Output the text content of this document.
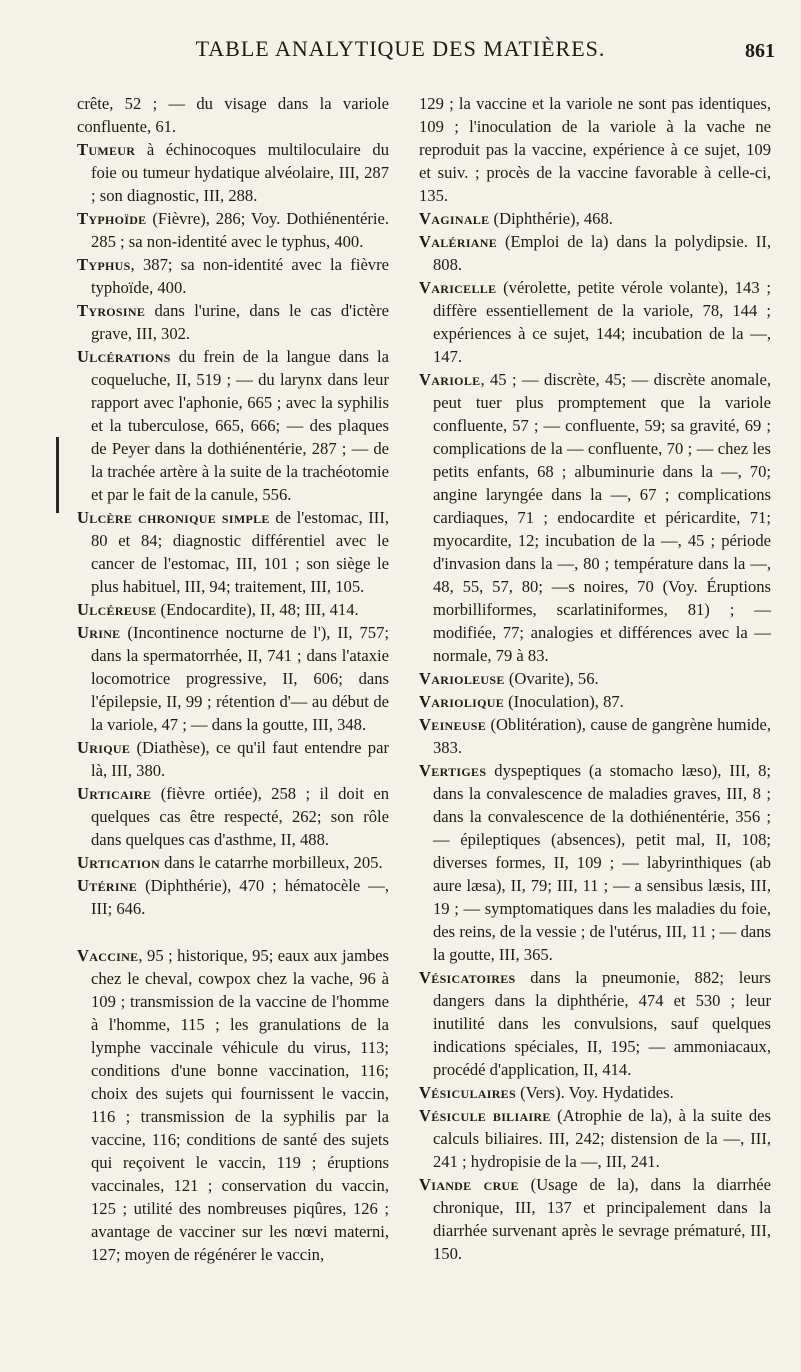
TABLE ANALYTIQUE DES MATIÈRES.	861

crête, 52 ; — du visage dans la variole confluente, 61.

Tumeur à échinocoques multiloculaire du foie ou tumeur hydatique alvéolaire, III, 287 ; son diagnostic, III, 288.

Typhoïde (Fièvre), 286; Voy. Dothiénentérie. 285 ; sa non-identité avec le typhus, 400.

Typhus, 387; sa non-identité avec la fièvre typhoïde, 400.

Tyrosine dans l'urine, dans le cas d'ictère grave, III, 302.

Ulcérations du frein de la langue dans la coqueluche, II, 519 ; — du larynx dans leur rapport avec l'aphonie, 665 ; avec la syphilis et la tuberculose, 665, 666; — des plaques de Peyer dans la dothiénentérie, 287 ; — de la trachée artère à la suite de la trachéotomie et par le fait de la canule, 556.

Ulcère chronique simple de l'estomac, III, 80 et 84; diagnostic différentiel avec le cancer de l'estomac, III, 101 ; son siège le plus habituel, III, 94; traitement, III, 105.

Ulcéreuse (Endocardite), II, 48; III, 414.

Urine (Incontinence nocturne de l'), II, 757; dans la spermatorrhée, II, 741 ; dans l'ataxie locomotrice progressive, II, 606; dans l'épilepsie, II, 99 ; rétention d'— au début de la variole, 47 ; — dans la goutte, III, 348.

Urique (Diathèse), ce qu'il faut entendre par là, III, 380.

Urticaire (fièvre ortiée), 258 ; il doit en quelques cas être respecté, 262; son rôle dans quelques cas d'asthme, II, 488.

Urtication dans le catarrhe morbilleux, 205.

Utérine (Diphthérie), 470 ; hématocèle —, III; 646.

Vaccine, 95 ; historique, 95; eaux aux jambes chez le cheval, cowpox chez la vache, 96 à 109 ; transmission de la vaccine de l'homme à l'homme, 115 ; les granulations de la lymphe vaccinale véhicule du virus, 113; conditions d'une bonne vaccination, 116; choix des sujets qui fournissent le vaccin, 116 ; transmission de la syphilis par la vaccine, 116; conditions de santé des sujets qui reçoivent le vaccin, 119 ; éruptions vaccinales, 121 ; conservation du vaccin, 125 ; utilité des nombreuses piqûres, 126 ; avantage de vacciner sur les nœvi materni, 127; moyen de régénérer le vaccin,

129 ; la vaccine et la variole ne sont pas identiques, 109 ; l'inoculation de la variole à la vache ne reproduit pas la vaccine, expérience à ce sujet, 109 et suiv. ; procès de la vaccine favorable à celle-ci, 135.

Vaginale (Diphthérie), 468.

Valériane (Emploi de la) dans la polydipsie. II, 808.

Varicelle (vérolette, petite vérole volante), 143 ; diffère essentiellement de la variole, 78, 144 ; expériences à ce sujet, 144; incubation de la —, 147.

Variole, 45 ; — discrète, 45; — discrète anomale, peut tuer plus promptement que la variole confluente, 57 ; — confluente, 59; sa gravité, 69 ; complications de la — confluente, 70 ; — chez les petits enfants, 68 ; albuminurie dans la —, 70; angine laryngée dans la —, 67 ; complications cardiaques, 71 ; endocardite et péricardite, 71; myocardite, 12; incubation de la —, 45 ; période d'invasion dans la —, 80 ; température dans la —, 48, 55, 57, 80; —s noires, 70 (Voy. Éruptions morbilliformes, scarlatiniformes, 81) ; — modifiée, 77; analogies et différences avec la — normale, 79 à 83.

Varioleuse (Ovarite), 56.

Variolique (Inoculation), 87.

Veineuse (Oblitération), cause de gangrène humide, 383.

Vertiges dyspeptiques (a stomacho læso), III, 8; dans la convalescence de maladies graves, III, 8 ; dans la convalescence de la dothiénentérie, 356 ; — épileptiques (absences), petit mal, II, 108; diverses formes, II, 109 ; — labyrinthiques (ab aure læsa), II, 79; III, 11 ; — a sensibus læsis, III, 19 ; — symptomatiques dans les maladies du foie, des reins, de la vessie ; de l'utérus, III, 11 ; — dans la goutte, III, 365.

Vésicatoires dans la pneumonie, 882; leurs dangers dans la diphthérie, 474 et 530 ; leur inutilité dans les convulsions, sauf quelques indications spéciales, II, 195; — ammoniacaux, procédé d'application, II, 414.

Vésiculaires (Vers). Voy. Hydatides.

Vésicule biliaire (Atrophie de la), à la suite des calculs biliaires. III, 242; distension de la —, III, 241 ; hydropisie de la —, III, 241.

Viande crue (Usage de la), dans la diarrhée chronique, III, 137 et principalement dans la diarrhée survenant après le sevrage prématuré, III, 150.
